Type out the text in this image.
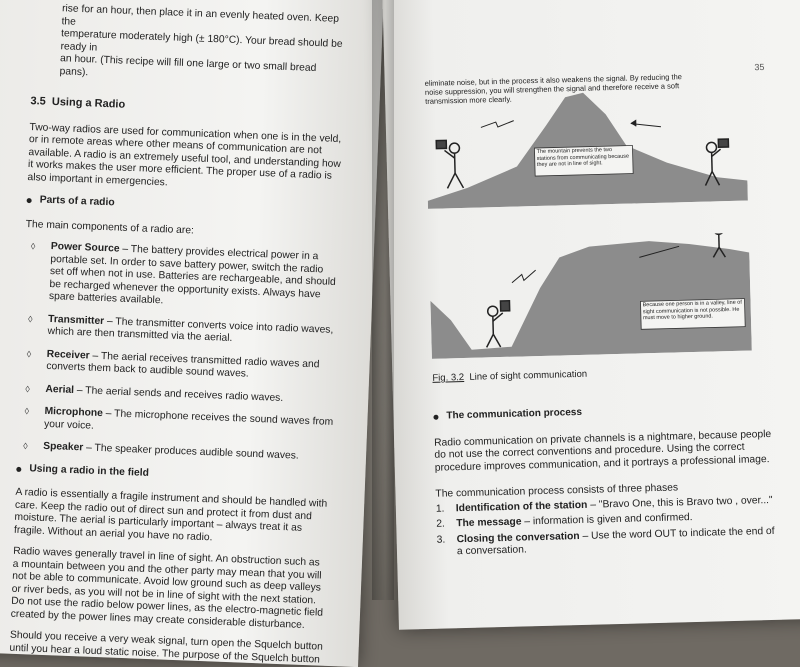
rise for an hour, then place it in an evenly heated oven. Keep the
temperature moderately high (± 180°C). Your bread should be ready in
an hour. (This recipe will fill one large or two small bread pans).

3.5 Using a Radio

Two-way radios are used for communication when one is in the veld, or in remote areas where other means of communication are not available. A radio is an extremely useful tool, and understanding how it works makes the user more efficient. The proper use of a radio is also important in emergencies.

Parts of a radio

The main components of a radio are:

◊	Power Source – The battery provides electrical power in a portable set. In order to save battery power, switch the radio set off when not in use. Batteries are rechargeable, and should be recharged whenever the opportunity exists. Always have spare batteries available.
◊	Transmitter – The transmitter converts voice into radio waves, which are then transmitted via the aerial.
◊	Receiver – The aerial receives transmitted radio waves and converts them back to audible sound waves.
◊	Aerial – The aerial sends and receives radio waves.
◊	Microphone – The microphone receives the sound waves from your voice.
◊	Speaker – The speaker produces audible sound waves.
Using a radio in the field

A radio is essentially a fragile instrument and should be handled with care. Keep the radio out of direct sun and protect it from dust and moisture. The aerial is particularly important – always treat it as fragile. Without an aerial you have no radio.

Radio waves generally travel in line of sight. An obstruction such as a mountain between you and the other party may mean that you will not be able to communicate. Avoid low ground such as deep valleys or river beds, as you will not be in line of sight with the next station. Do not use the radio below power lines, as the electro-magnetic field created by the power lines may create considerable disturbance.

Should you receive a very weak signal, turn open the Squelch button until you hear a loud static noise. The purpose of the Squelch button is to

35

eliminate noise, but in the process it also weakens the signal. By reducing the noise suppression, you will strengthen the signal and therefore receive a soft transmission more clearly.

The mountain prevents the two stations from communicating because they are not in line of sight.
Because one person is in a valley, line of sight communication is not possible. He must move to higher ground.
Fig. 3.2 Line of sight communication
The communication process

Radio communication on private channels is a nightmare, because people do not use the correct conventions and procedure. Using the correct procedure improves communication, and it portrays a professional image.

The communication process consists of three phases

1.	Identification of the station – "Bravo One, this is Bravo two , over..."
2.	The message – information is given and confirmed.
3.	Closing the conversation – Use the word OUT to indicate the end of a conversation.
